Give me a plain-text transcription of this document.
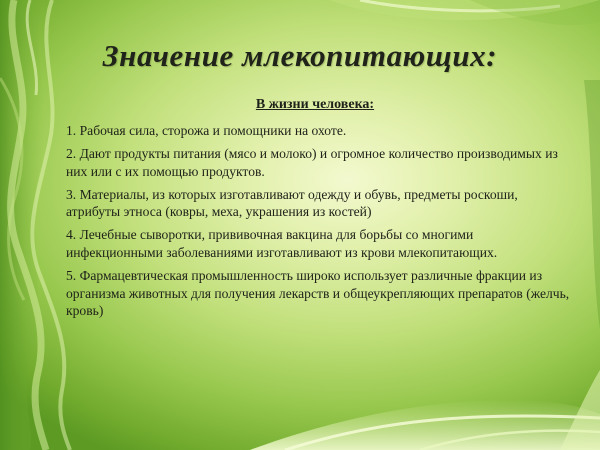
Значение млекопитающих:
В жизни человека:
1. Рабочая сила, сторожа и помощники на охоте.
2. Дают продукты питания (мясо и молоко) и огромное количество производимых из них или с их помощью продуктов.
3. Материалы, из которых изготавливают одежду и обувь, предметы роскоши, атрибуты этноса (ковры, меха, украшения из костей)
4. Лечебные сыворотки, прививочная вакцина для борьбы со многими инфекционными заболеваниями изготавливают из крови млекопитающих.
5. Фармацевтическая промышленность широко использует различные фракции из организма животных для получения лекарств и общеукрепляющих препаратов (желчь, кровь)
